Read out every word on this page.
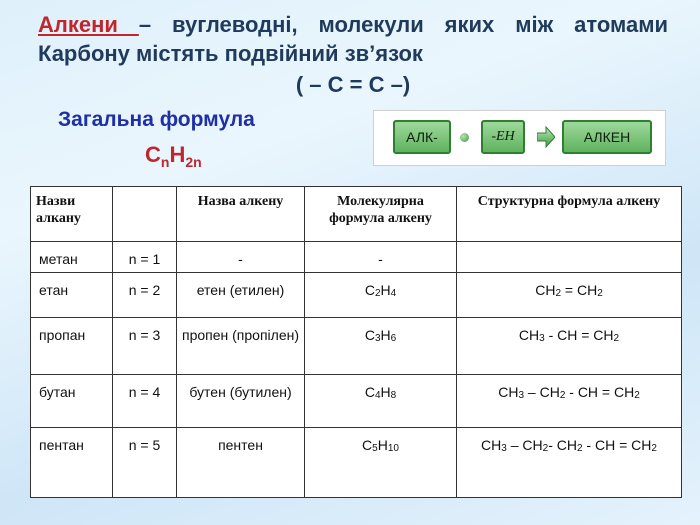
Алкени – вуглеводні, молекули яких між атомами Карбону містять подвійний зв’язок
( – С = С –)
Загальна формула
$C_nH_{2n}$
АЛК-	-ЕН	АЛКЕН
Назви алкану		Назва алкену	Молекулярна формула алкену	Структурна формула алкену
метан	n = 1	-	-	
етан	n = 2	етен (етилен)	$C_2H_4$	$CH_2 = CH_2$
пропан	n = 3	пропен (пропілен)	$C_3H_6$	$CH_3$ - CH = $CH_2$
бутан	n = 4	бутен (бутилен)	$C_4H_8$	$CH_3 - CH_2$ - CH = $CH_2$
пентан	n = 5	пентен	$C_5H_{10}$	$CH_3 - CH_2-$ $CH_2$ - CH = $CH_2$
